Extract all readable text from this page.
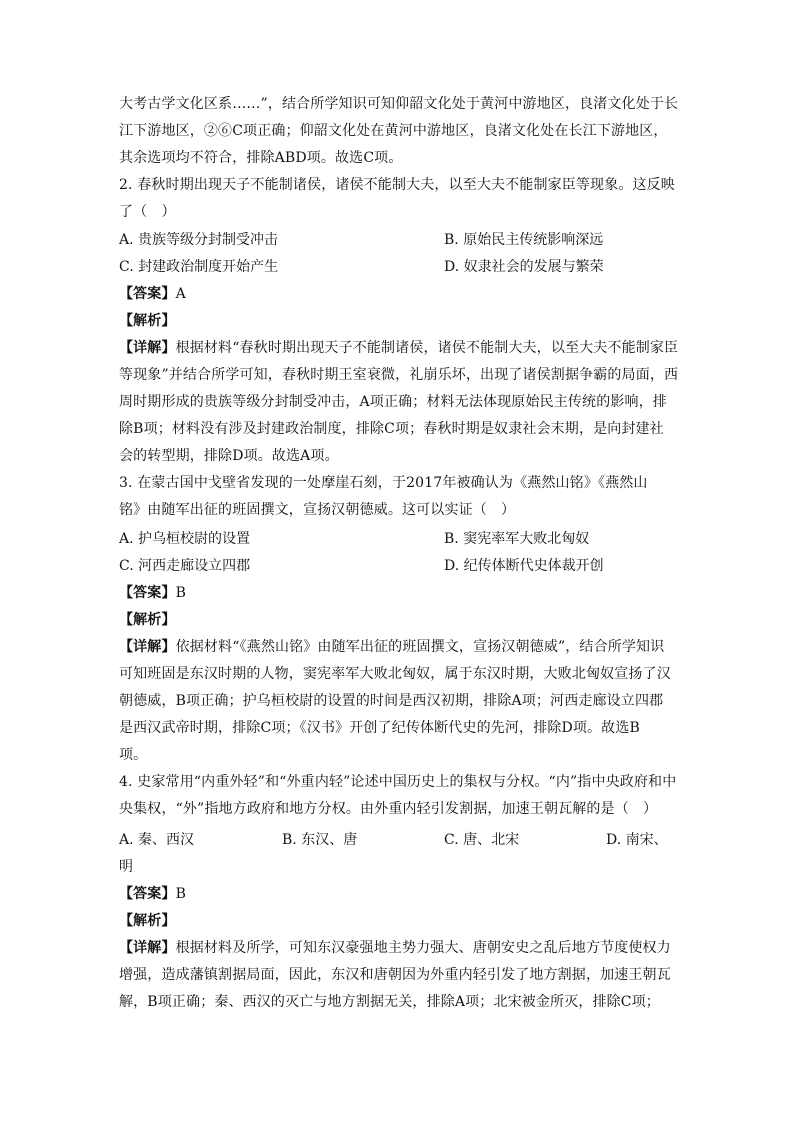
大考古学文化区系……”，结合所学知识可知仰韶文化处于黄河中游地区，良渚文化处于长
江下游地区，②⑥C项正确；仰韶文化处在黄河中游地区，良渚文化处在长江下游地区，
其余选项均不符合，排除ABD项。故选C项。
2. 春秋时期出现天子不能制诸侯，诸侯不能制大夫，以至大夫不能制家臣等现象。这反映
了（　）
A. 贵族等级分封制受冲击	B. 原始民主传统影响深远
C. 封建政治制度开始产生	D. 奴隶社会的发展与繁荣
【答案】A
【解析】
【详解】根据材料“春秋时期出现天子不能制诸侯，诸侯不能制大夫，以至大夫不能制家臣
等现象”并结合所学可知，春秋时期王室衰微，礼崩乐坏，出现了诸侯割据争霸的局面，西
周时期形成的贵族等级分封制受冲击，A项正确；材料无法体现原始民主传统的影响，排
除B项；材料没有涉及封建政治制度，排除C项；春秋时期是奴隶社会末期，是向封建社
会的转型期，排除D项。故选A项。
3. 在蒙古国中戈壁省发现的一处摩崖石刻，于2017年被确认为《燕然山铭》《燕然山
铭》由随军出征的班固撰文，宣扬汉朝德威。这可以实证（　）
A. 护乌桓校尉的设置	B. 窦宪率军大败北匈奴
C. 河西走廊设立四郡	D. 纪传体断代史体裁开创
【答案】B
【解析】
【详解】依据材料“《燕然山铭》由随军出征的班固撰文，宣扬汉朝德威”，结合所学知识
可知班固是东汉时期的人物，窦宪率军大败北匈奴，属于东汉时期，大败北匈奴宣扬了汉
朝德威，B项正确；护乌桓校尉的设置的时间是西汉初期，排除A项；河西走廊设立四郡
是西汉武帝时期，排除C项；《汉书》开创了纪传体断代史的先河，排除D项。故选B
项。
4. 史家常用“内重外轻”和“外重内轻”论述中国历史上的集权与分权。“内”指中央政府和中
央集权，“外”指地方政府和地方分权。由外重内轻引发割据，加速王朝瓦解的是（　）
A. 秦、西汉	B. 东汉、唐	C. 唐、北宋	D. 南宋、
明
【答案】B
【解析】
【详解】根据材料及所学，可知东汉豪强地主势力强大、唐朝安史之乱后地方节度使权力
增强，造成藩镇割据局面，因此，东汉和唐朝因为外重内轻引发了地方割据，加速王朝瓦
解，B项正确；秦、西汉的灭亡与地方割据无关，排除A项；北宋被金所灭，排除C项；
